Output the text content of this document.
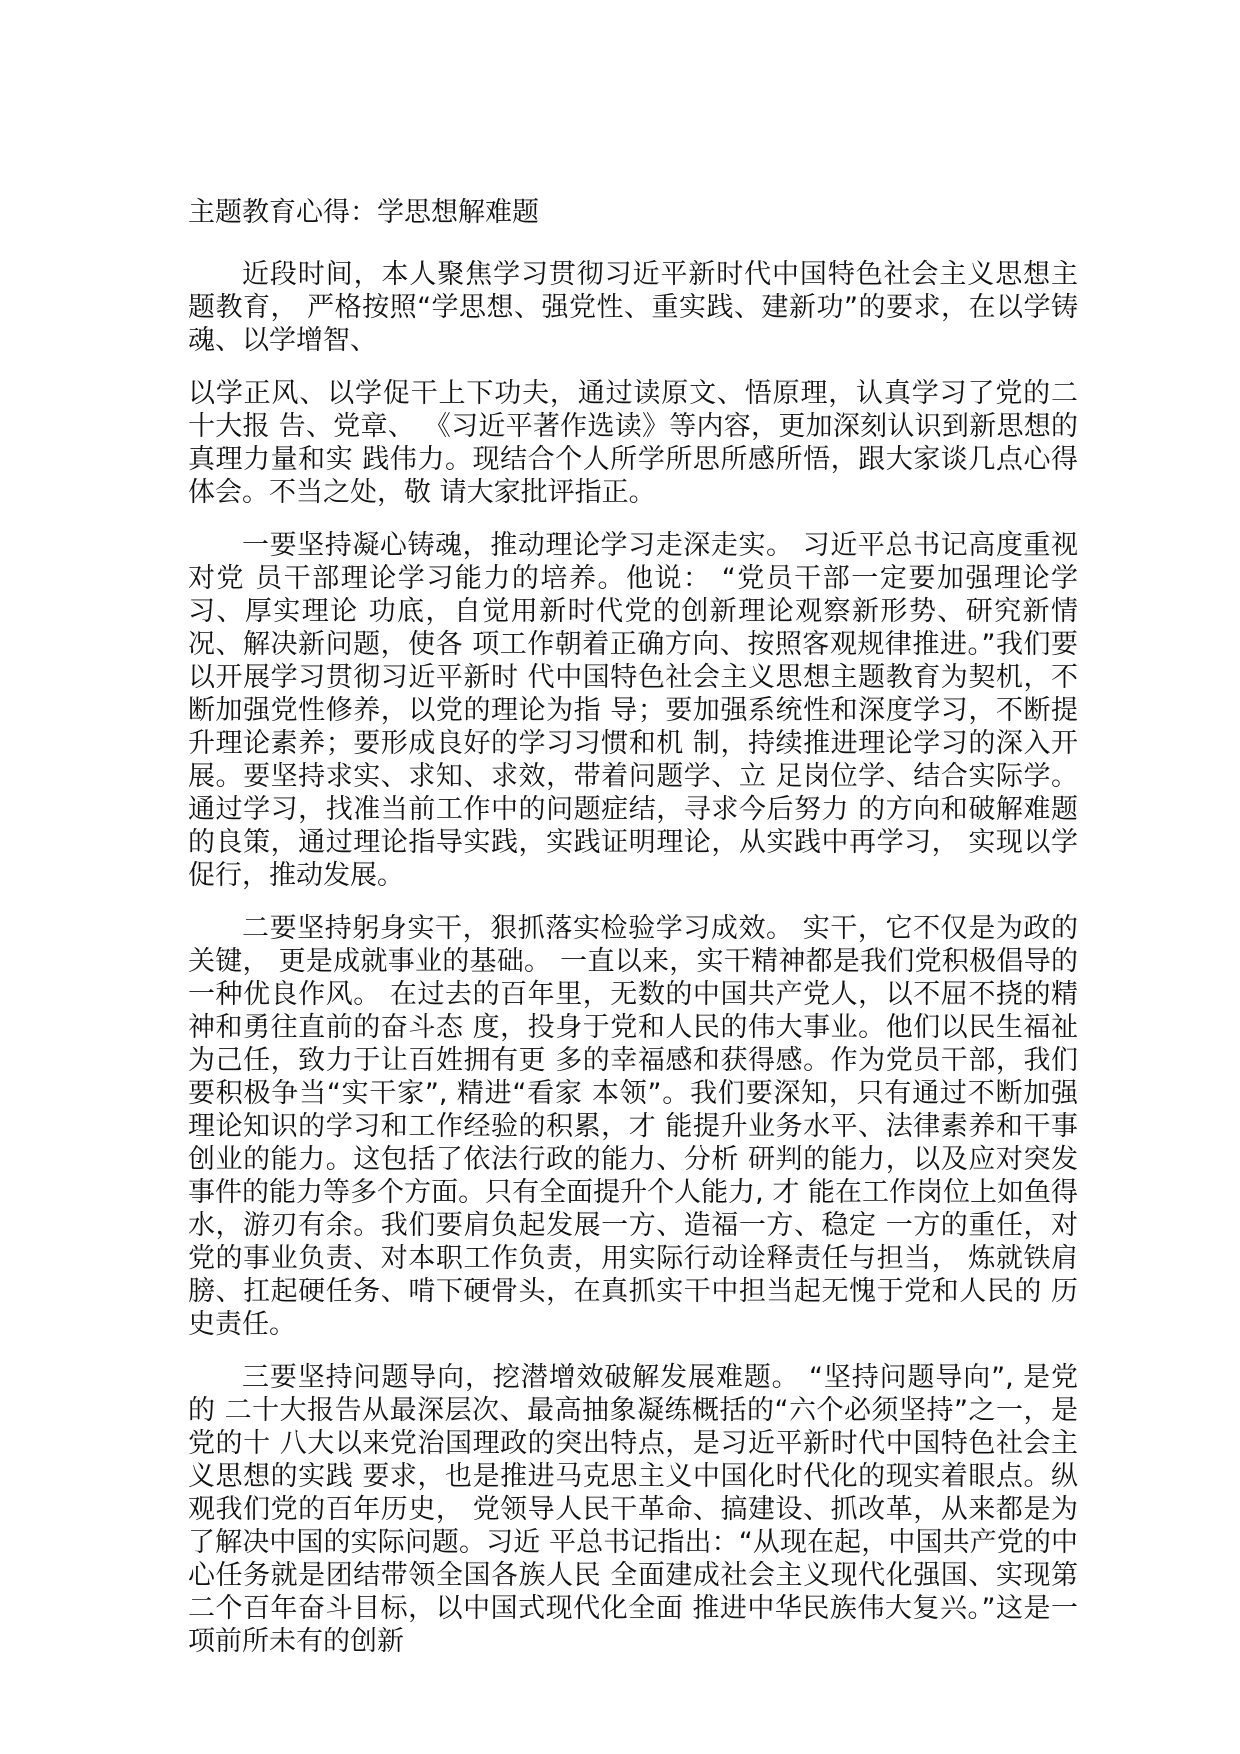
主题教育心得：学思想解难题

近段时间，本人聚焦学习贯彻习近平新时代中国特色社会主义思想主题教育， 严格按照“学思想、强党性、重实践、建新功”的要求，在以学铸魂、以学增智、

以学正风、以学促干上下功夫，通过读原文、悟原理，认真学习了党的二十大报 告、党章、 《习近平著作选读》等内容，更加深刻认识到新思想的真理力量和实 践伟力。现结合个人所学所思所感所悟，跟大家谈几点心得体会。不当之处，敬 请大家批评指正。

一要坚持凝心铸魂，推动理论学习走深走实。 习近平总书记高度重视对党 员干部理论学习能力的培养。他说： “党员干部一定要加强理论学习、厚实理论 功底，自觉用新时代党的创新理论观察新形势、研究新情况、解决新问题，使各 项工作朝着正确方向、按照客观规律推进。”我们要以开展学习贯彻习近平新时 代中国特色社会主义思想主题教育为契机，不断加强党性修养，以党的理论为指 导；要加强系统性和深度学习，不断提升理论素养；要形成良好的学习习惯和机 制，持续推进理论学习的深入开展。要坚持求实、求知、求效，带着问题学、立 足岗位学、结合实际学。通过学习，找准当前工作中的问题症结，寻求今后努力 的方向和破解难题的良策，通过理论指导实践，实践证明理论，从实践中再学习， 实现以学促行，推动发展。

二要坚持躬身实干，狠抓落实检验学习成效。 实干，它不仅是为政的关键， 更是成就事业的基础。 一直以来，实干精神都是我们党积极倡导的一种优良作风。 在过去的百年里，无数的中国共产党人，以不屈不挠的精神和勇往直前的奋斗态 度，投身于党和人民的伟大事业。他们以民生福祉为己任，致力于让百姓拥有更 多的幸福感和获得感。作为党员干部，我们要积极争当“实干家”, 精进“看家 本领”。我们要深知，只有通过不断加强理论知识的学习和工作经验的积累，才 能提升业务水平、法律素养和干事创业的能力。这包括了依法行政的能力、分析 研判的能力，以及应对突发事件的能力等多个方面。只有全面提升个人能力, 才 能在工作岗位上如鱼得水，游刃有余。我们要肩负起发展一方、造福一方、稳定 一方的重任，对党的事业负责、对本职工作负责，用实际行动诠释责任与担当， 炼就铁肩膀、扛起硬任务、啃下硬骨头，在真抓实干中担当起无愧于党和人民的 历史责任。

三要坚持问题导向，挖潜增效破解发展难题。 “坚持问题导向”, 是党的 二十大报告从最深层次、最高抽象凝练概括的“六个必须坚持”之一，是党的十 八大以来党治国理政的突出特点，是习近平新时代中国特色社会主义思想的实践 要求，也是推进马克思主义中国化时代化的现实着眼点。纵观我们党的百年历史， 党领导人民干革命、搞建设、抓改革，从来都是为了解决中国的实际问题。习近 平总书记指出：“从现在起，中国共产党的中心任务就是团结带领全国各族人民 全面建成社会主义现代化强国、实现第二个百年奋斗目标，以中国式现代化全面 推进中华民族伟大复兴。”这是一项前所未有的创新
